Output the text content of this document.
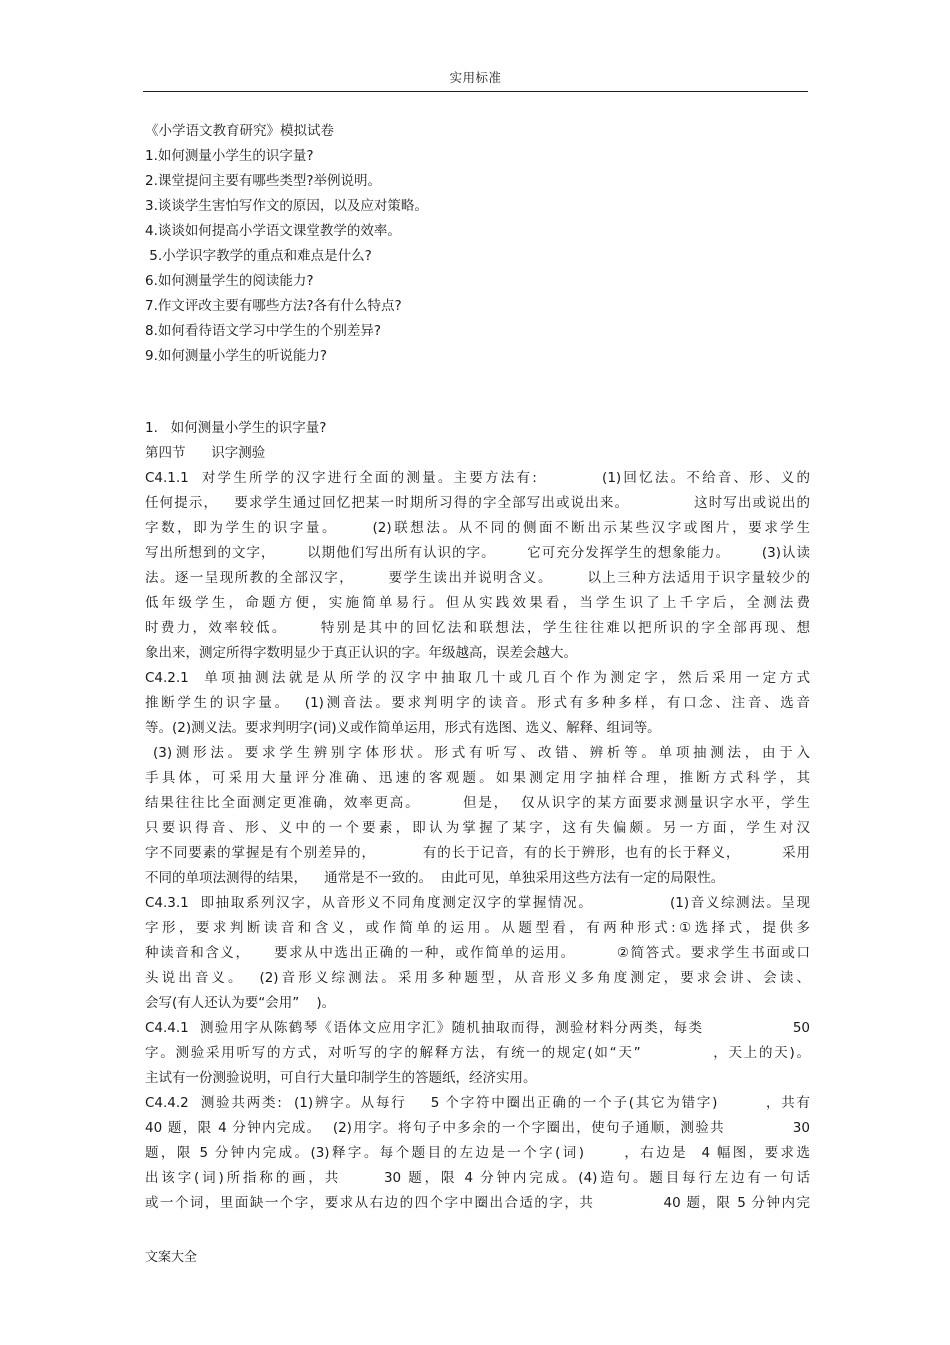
实用标准
《小学语文教育研究》模拟试卷
1.如何测量小学生的识字量?
2.课堂提问主要有哪些类型?举例说明。
3.谈谈学生害怕写作文的原因，以及应对策略。
4.谈谈如何提高小学语文课堂教学的效率。
5.小学识字教学的重点和难点是什么?
6.如何测量学生的阅读能力?
7.作文评改主要有哪些方法?各有什么特点?
8.如何看待语文学习中学生的个别差异?
9.如何测量小学生的听说能力?
1.   如何测量小学生的识字量?
第四节      识字测验
C4.1.1  对学生所学的汉字进行全面的测量。主要方法有:          (1)回忆法。不给音、形、义的
任何提示，   要求学生通过回忆把某一时期所习得的字全部写出或说出来。            这时写出或说出的
字数，即为学生的识字量。     (2)联想法。从不同的侧面不断出示某些汉字或图片，要求学生
写出所想到的文字，      以期他们写出所有认识的字。      它可充分发挥学生的想象能力。      (3)认读
法。逐一呈现所教的全部汉字，      要学生读出并说明含义。      以上三种方法适用于识字量较少的
低年级学生，命题方便，实施简单易行。但从实践效果看，当学生识了上千字后，全测法费
时费力，效率较低。     特别是其中的回忆法和联想法，学生往往难以把所识的字全部再现、想
象出来，测定所得字数明显少于真正认识的字。年级越高，误差会越大。
C4.2.1  单项抽测法就是从所学的汉字中抽取几十或几百个作为测定字，然后采用一定方式
推断学生的识字量。  (1)测音法。要求判明字的读音。形式有多种多样，有口念、注音、选音
等。(2)测义法。要求判明字(词)义或作简单运用，形式有选图、选义、解释、组词等。
(3)测形法。要求学生辨别字体形状。形式有听写、改错、辨析等。单项抽测法，由于入
手具体，可采用大量评分准确、迅速的客观题。如果测定用字抽样合理，推断方式科学，其
结果往往比全面测定更准确，效率更高。       但是，  仅从识字的某方面要求测量识字水平，学生
只要识得音、形、义中的一个要素，即认为掌握了某字，这有失偏颇。另一方面，学生对汉
字不同要素的掌握是有个别差异的，         有的长于记音，有的长于辨形，也有的长于释义，        采用
不同的单项法测得的结果，    通常是不一致的。  由此可见，单独采用这些方法有一定的局限性。
C4.3.1  即抽取系列汉字，从音形义不同角度测定汉字的掌握情况。             (1)音义综测法。呈现
字形，要求判断读音和含义，或作简单的运用。从题型看，有两种形式:①选择式，提供多
种读音和含义，    要求从中选出正确的一种，或作简单的运用。       ②简答式。要求学生书面或口
头说出音义。  (2)音形义综测法。采用多种题型，从音形义多角度测定，要求会讲、会读、
会写(有人还认为要“会用”    )。
C4.4.1  测验用字从陈鹤琴《语体文应用字汇》随机抽取而得，测验材料分两类，每类                50
字。测验采用听写的方式，对听写的字的解释方法，有统一的规定(如“天”            ，天上的天)。
主试有一份测验说明，可自行大量印制学生的答题纸，经济实用。
C4.4.2  测验共两类:  (1)辨字。从每行    5 个字符中圈出正确的一个子(其它为错字)        ，共有
40 题，限 4 分钟内完成。  (2)用字。将句子中多余的一个字圈出，使句子通顺，测验共            30
题，限 5 分钟内完成。(3)释字。每个题目的左边是一个字(词)      ，右边是  4 幅图，要求选
出该字(词)所指称的画，共      30 题，限 4 分钟内完成。(4)造句。题目每行左边有一句话
或一个词，里面缺一个字，要求从右边的四个字中圈出合适的字，共            40 题，限 5 分钟内完
文案大全
